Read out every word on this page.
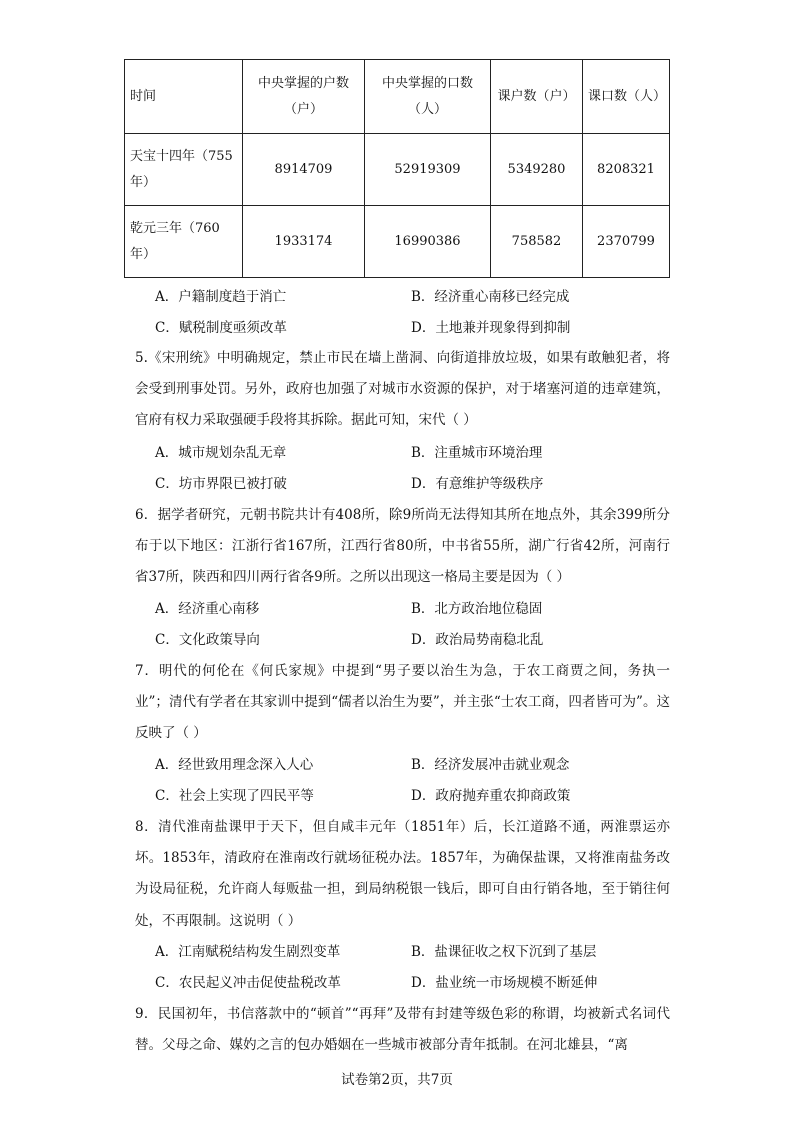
时间	中央掌握的户数（户）	中央掌握的口数（人）	课户数（户）	课口数（人）
天宝十四年（755年）	8914709	52919309	5349280	8208321
乾元三年（760年）	1933174	16990386	758582	2370799
A．户籍制度趋于消亡	B．经济重心南移已经完成
C．赋税制度亟须改革	D．土地兼并现象得到抑制
5.《宋刑统》中明确规定，禁止市民在墙上凿洞、向街道排放垃圾，如果有敢触犯者，将会受到刑事处罚。另外，政府也加强了对城市水资源的保护，对于堵塞河道的违章建筑，官府有权力采取强硬手段将其拆除。据此可知，宋代（ ）
A．城市规划杂乱无章	B．注重城市环境治理
C．坊市界限已被打破	D．有意维护等级秩序
6．据学者研究，元朝书院共计有408所，除9所尚无法得知其所在地点外，其余399所分布于以下地区：江浙行省167所，江西行省80所，中书省55所，湖广行省42所，河南行省37所，陕西和四川两行省各9所。之所以出现这一格局主要是因为（ ）
A．经济重心南移	B．北方政治地位稳固
C．文化政策导向	D．政治局势南稳北乱
7．明代的何伦在《何氏家规》中提到“男子要以治生为急，于农工商贾之间，务执一业”；清代有学者在其家训中提到“儒者以治生为要”，并主张“士农工商，四者皆可为”。这反映了（ ）
A．经世致用理念深入人心	B．经济发展冲击就业观念
C．社会上实现了四民平等	D．政府抛弃重农抑商政策
8．清代淮南盐课甲于天下，但自咸丰元年（1851年）后，长江道路不通，两淮票运亦坏。1853年，清政府在淮南改行就场征税办法。1857年，为确保盐课，又将淮南盐务改为设局征税，允许商人每贩盐一担，到局纳税银一钱后，即可自由行销各地，至于销往何处，不再限制。这说明（ ）
A．江南赋税结构发生剧烈变革	B．盐课征收之权下沉到了基层
C．农民起义冲击促使盐税改革	D．盐业统一市场规模不断延伸
9．民国初年，书信落款中的“顿首”“再拜”及带有封建等级色彩的称谓，均被新式名词代替。父母之命、媒妁之言的包办婚姻在一些城市被部分青年抵制。在河北雄县，“离
试卷第2页，共7页
